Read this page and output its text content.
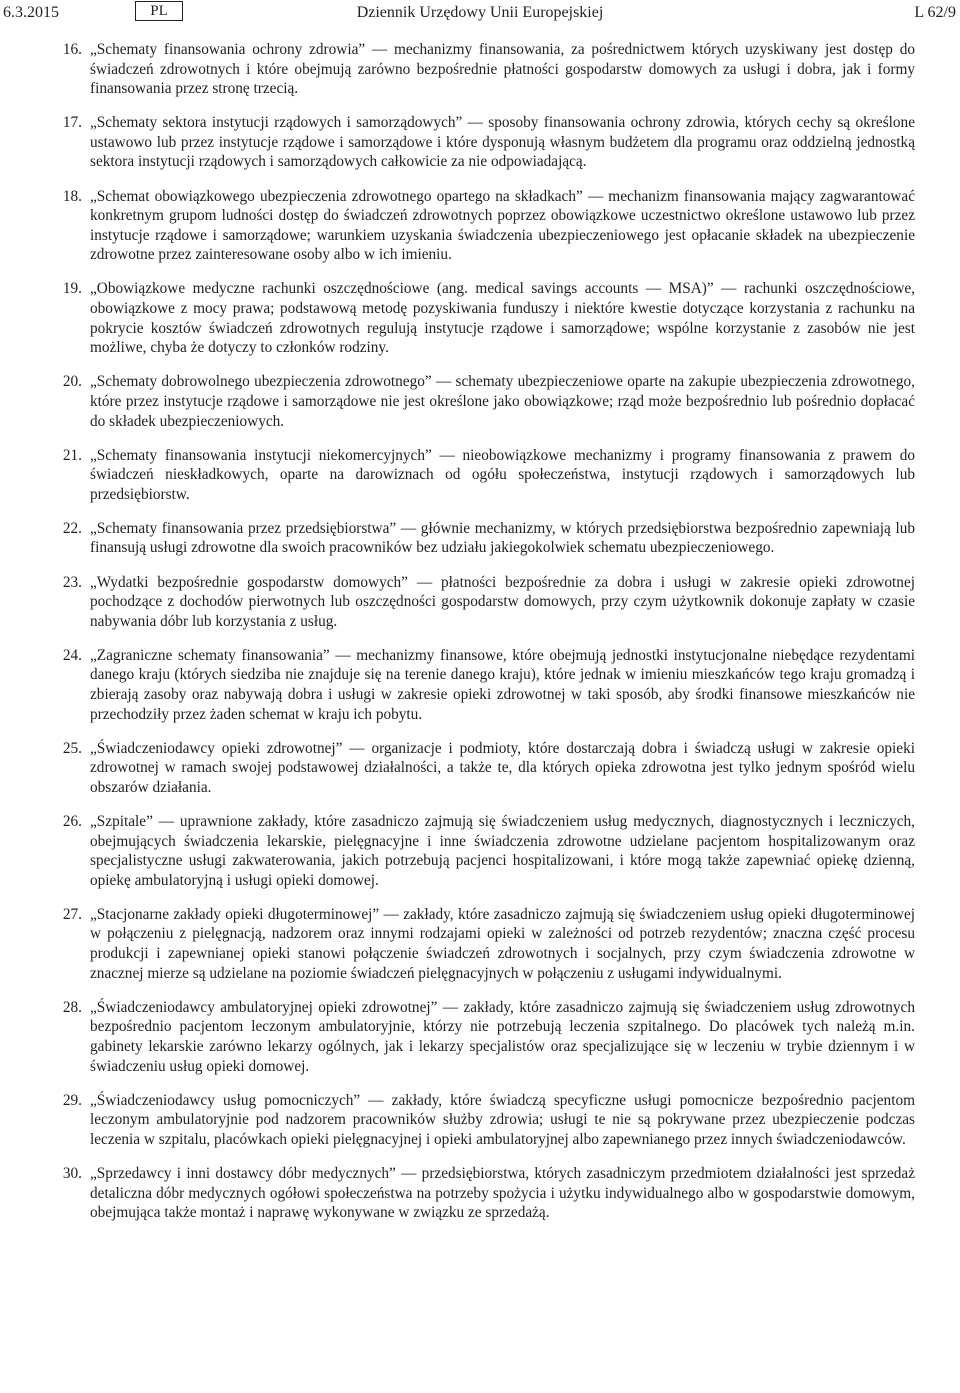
6.3.2015	PL	Dziennik Urzędowy Unii Europejskiej	L 62/9
16. „Schematy finansowania ochrony zdrowia” — mechanizmy finansowania, za pośrednictwem których uzyskiwany jest dostęp do świadczeń zdrowotnych i które obejmują zarówno bezpośrednie płatności gospodarstw domowych za usługi i dobra, jak i formy finansowania przez stronę trzecią.
17. „Schematy sektora instytucji rządowych i samorządowych” — sposoby finansowania ochrony zdrowia, których cechy są określone ustawowo lub przez instytucje rządowe i samorządowe i które dysponują własnym budżetem dla programu oraz oddzielną jednostką sektora instytucji rządowych i samorządowych całkowicie za nie odpowiadającą.
18. „Schemat obowiązkowego ubezpieczenia zdrowotnego opartego na składkach” — mechanizm finansowania mający zagwarantować konkretnym grupom ludności dostęp do świadczeń zdrowotnych poprzez obowiązkowe uczestnictwo określone ustawowo lub przez instytucje rządowe i samorządowe; warunkiem uzyskania świadczenia ubezpieczeniowego jest opłacanie składek na ubezpieczenie zdrowotne przez zainteresowane osoby albo w ich imieniu.
19. „Obowiązkowe medyczne rachunki oszczędnościowe (ang. medical savings accounts — MSA)” — rachunki oszczędnościowe, obowiązkowe z mocy prawa; podstawową metodę pozyskiwania funduszy i niektóre kwestie dotyczące korzystania z rachunku na pokrycie kosztów świadczeń zdrowotnych regulują instytucje rządowe i samorządowe; wspólne korzystanie z zasobów nie jest możliwe, chyba że dotyczy to członków rodziny.
20. „Schematy dobrowolnego ubezpieczenia zdrowotnego” — schematy ubezpieczeniowe oparte na zakupie ubezpieczenia zdrowotnego, które przez instytucje rządowe i samorządowe nie jest określone jako obowiązkowe; rząd może bezpośrednio lub pośrednio dopłacać do składek ubezpieczeniowych.
21. „Schematy finansowania instytucji niekomercyjnych” — nieobowiązkowe mechanizmy i programy finansowania z prawem do świadczeń nieskładkowych, oparte na darowiznach od ogółu społeczeństwa, instytucji rządowych i samorządowych lub przedsiębiorstw.
22. „Schematy finansowania przez przedsiębiorstwa” — głównie mechanizmy, w których przedsiębiorstwa bezpośrednio zapewniają lub finansują usługi zdrowotne dla swoich pracowników bez udziału jakiegokolwiek schematu ubezpieczeniowego.
23. „Wydatki bezpośrednie gospodarstw domowych” — płatności bezpośrednie za dobra i usługi w zakresie opieki zdrowotnej pochodzące z dochodów pierwotnych lub oszczędności gospodarstw domowych, przy czym użytkownik dokonuje zapłaty w czasie nabywania dóbr lub korzystania z usług.
24. „Zagraniczne schematy finansowania” — mechanizmy finansowe, które obejmują jednostki instytucjonalne niebędące rezydentami danego kraju (których siedziba nie znajduje się na terenie danego kraju), które jednak w imieniu mieszkańców tego kraju gromadzą i zbierają zasoby oraz nabywają dobra i usługi w zakresie opieki zdrowotnej w taki sposób, aby środki finansowe mieszkańców nie przechodziły przez żaden schemat w kraju ich pobytu.
25. „Świadczeniodawcy opieki zdrowotnej” — organizacje i podmioty, które dostarczają dobra i świadczą usługi w zakresie opieki zdrowotnej w ramach swojej podstawowej działalności, a także te, dla których opieka zdrowotna jest tylko jednym spośród wielu obszarów działania.
26. „Szpitale” — uprawnione zakłady, które zasadniczo zajmują się świadczeniem usług medycznych, diagnostycznych i leczniczych, obejmujących świadczenia lekarskie, pielęgnacyjne i inne świadczenia zdrowotne udzielane pacjentom hospitalizowanym oraz specjalistyczne usługi zakwaterowania, jakich potrzebują pacjenci hospitalizowani, i które mogą także zapewniać opiekę dzienną, opiekę ambulatoryjną i usługi opieki domowej.
27. „Stacjonarne zakłady opieki długoterminowej” — zakłady, które zasadniczo zajmują się świadczeniem usług opieki długoterminowej w połączeniu z pielęgnacją, nadzorem oraz innymi rodzajami opieki w zależności od potrzeb rezydentów; znaczna część procesu produkcji i zapewnianej opieki stanowi połączenie świadczeń zdrowotnych i socjalnych, przy czym świadczenia zdrowotne w znacznej mierze są udzielane na poziomie świadczeń pielęgnacyjnych w połączeniu z usługami indywidualnymi.
28. „Świadczeniodawcy ambulatoryjnej opieki zdrowotnej” — zakłady, które zasadniczo zajmują się świadczeniem usług zdrowotnych bezpośrednio pacjentom leczonym ambulatoryjnie, którzy nie potrzebują leczenia szpitalnego. Do placówek tych należą m.in. gabinety lekarskie zarówno lekarzy ogólnych, jak i lekarzy specjalistów oraz specjalizujące się w leczeniu w trybie dziennym i w świadczeniu usług opieki domowej.
29. „Świadczeniodawcy usług pomocniczych” — zakłady, które świadczą specyficzne usługi pomocnicze bezpośrednio pacjentom leczonym ambulatoryjnie pod nadzorem pracowników służby zdrowia; usługi te nie są pokrywane przez ubezpieczenie podczas leczenia w szpitalu, placówkach opieki pielęgnacyjnej i opieki ambulatoryjnej albo zapewnianego przez innych świadczeniodawców.
30. „Sprzedawcy i inni dostawcy dóbr medycznych” — przedsiębiorstwa, których zasadniczym przedmiotem działalności jest sprzedaż detaliczna dóbr medycznych ogółowi społeczeństwa na potrzeby spożycia i użytku indywidualnego albo w gospodarstwie domowym, obejmująca także montaż i naprawę wykonywane w związku ze sprzedażą.
